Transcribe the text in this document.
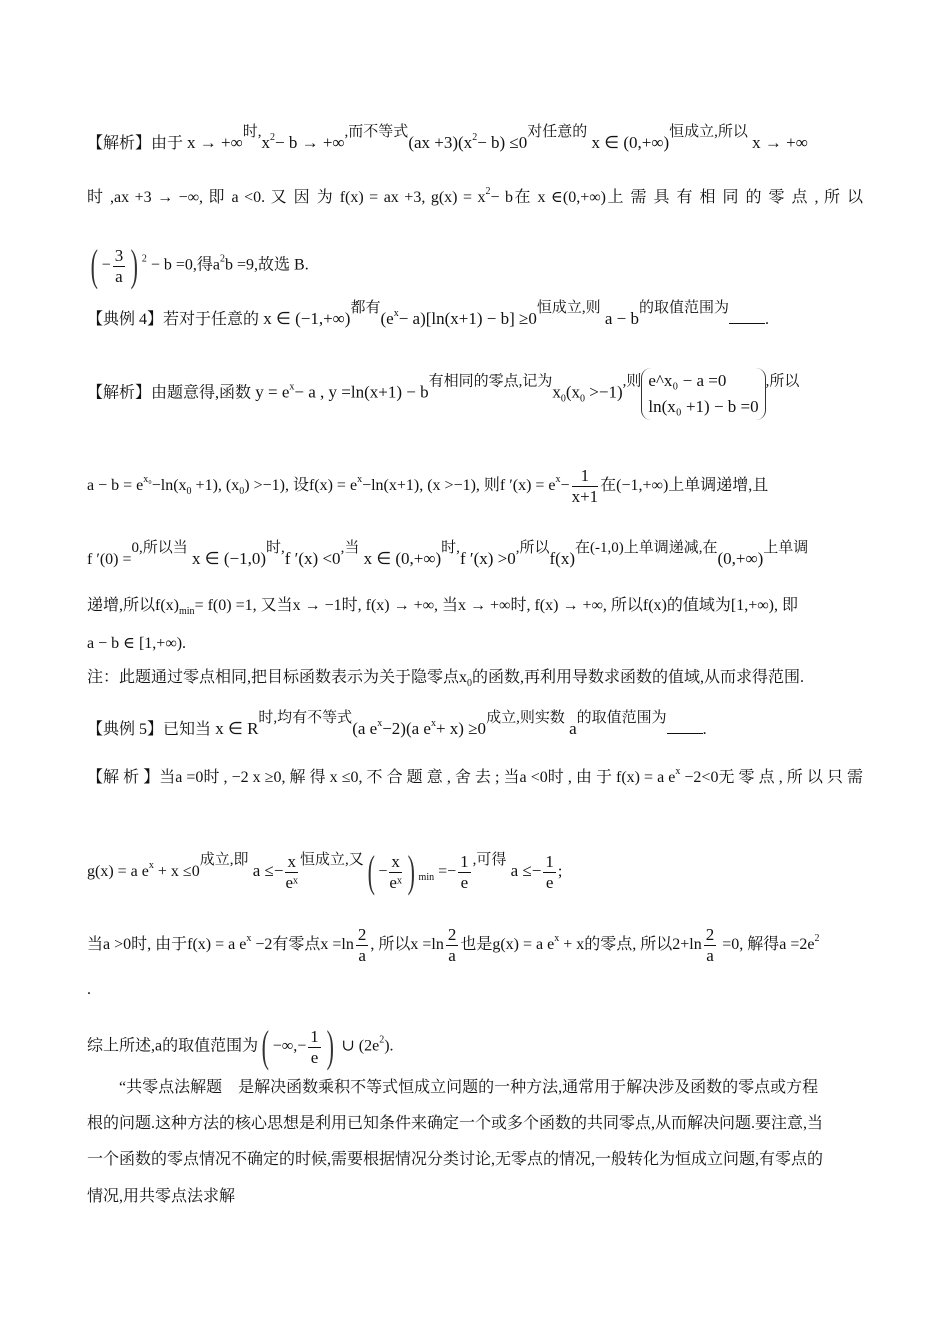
【解析】由于 x → +∞时$,x^2- b$ → +∞,而不等式$(ax +3)(x^2- b) \le 0$对任意的 x ∈ (0,+∞)恒成立,所以 x → +∞
时 ,ax +3 → −∞, 即 a <0. 又 因 为 f(x) = ax +3, $g(x) = x^2- b$在 x ∈(0,+∞)上 需 具 有 相 同 的 零 点 , 所 以
( − $\frac{3}{a}$ ) $^2$ − b =0,得$a^2b =9$,故选 B.
【典例 4】若对于任意的 x ∈ (−1,+∞)都有$(e^x- a)[\ln(x+1) - b] \ge 0$恒成立,则 a − b的取值范围为.
【解析】由题意得,函数 $y = e^x- a$ , y =ln(x+1) − b有相同的零点,记为$x_0(x_0 >-1)$,则 e^x₀ − a =0
ln(x₀ +1) − b =0
,所以
$a - b = e^{x_0}-\ln(x_0 +1)$, $(x_0) >-1$), 设$f(x) = e^x-\ln(x+1)$, (x >−1), 则f $'(x) = e^x- \frac{1}{x+1}$ 在(−1,+∞)上单调递增,且
f ′(0) =0,所以当 x ∈ (−1,0)时,f ′(x) <0,当 x ∈ (0,+∞)时,f ′(x) >0,所以f(x)在(-1,0)上单调递减,在(0,+∞)上单调
递增,所以$f(x)_{min}= f(0) =1$, 又当x → −1时, f(x) → +∞, 当x → +∞时, f(x) → +∞, 所以f(x)的值域为[1,+∞), 即
a − b ∈ [1,+∞).
注：此题通过零点相同,把目标函数表示为关于隐零点$x_0$的函数,再利用导数求函数的值域,从而求得范围.
【典例 5】已知当 x ∈ R时,均有不等式(a $e^x-2)(a$ $e^x+ x) \ge 0$成立,则实数 a的取值范围为.
【解 析 】当a =0时 , −2 x ≥0, 解 得 x ≤0, 不 合 题 意 , 舍 去 ; 当a <0时 , 由 于 f(x) = a $e^x -2<0$无 零 点 , 所 以 只 需
g(x) = a $e^x + x \le 0$成立,即 $a \le- \frac{x}{\text{eˣ}}$ 恒成立,又( − $\frac{x}{\text{eˣ}}$ ) $_{min} =- \frac{1}{e}$ ,可得 $a \le- \frac{1}{e}$ ;
当a >0时, 由于f(x) = a $e^x -2$有零点$x =\ln \frac{2}{a}$ , 所以$x =\ln \frac{2}{a}$ 也是g(x) = a $e^x + x$的零点, 所以$2+\ln \frac{2}{a} =0$, 解得$a =2e^2$
.
综上所述,a的取值范围为( −∞,− $\frac{1}{e}$ ) ∪ $(2e^2)$.
　　“共零点法解题　是解决函数乘积不等式恒成立问题的一种方法,通常用于解决涉及函数的零点或方程
根的问题.这种方法的核心思想是利用已知条件来确定一个或多个函数的共同零点,从而解决问题.要注意,当
一个函数的零点情况不确定的时候,需要根据情况分类讨论,无零点的情况,一般转化为恒成立问题,有零点的
情况,用共零点法求解
